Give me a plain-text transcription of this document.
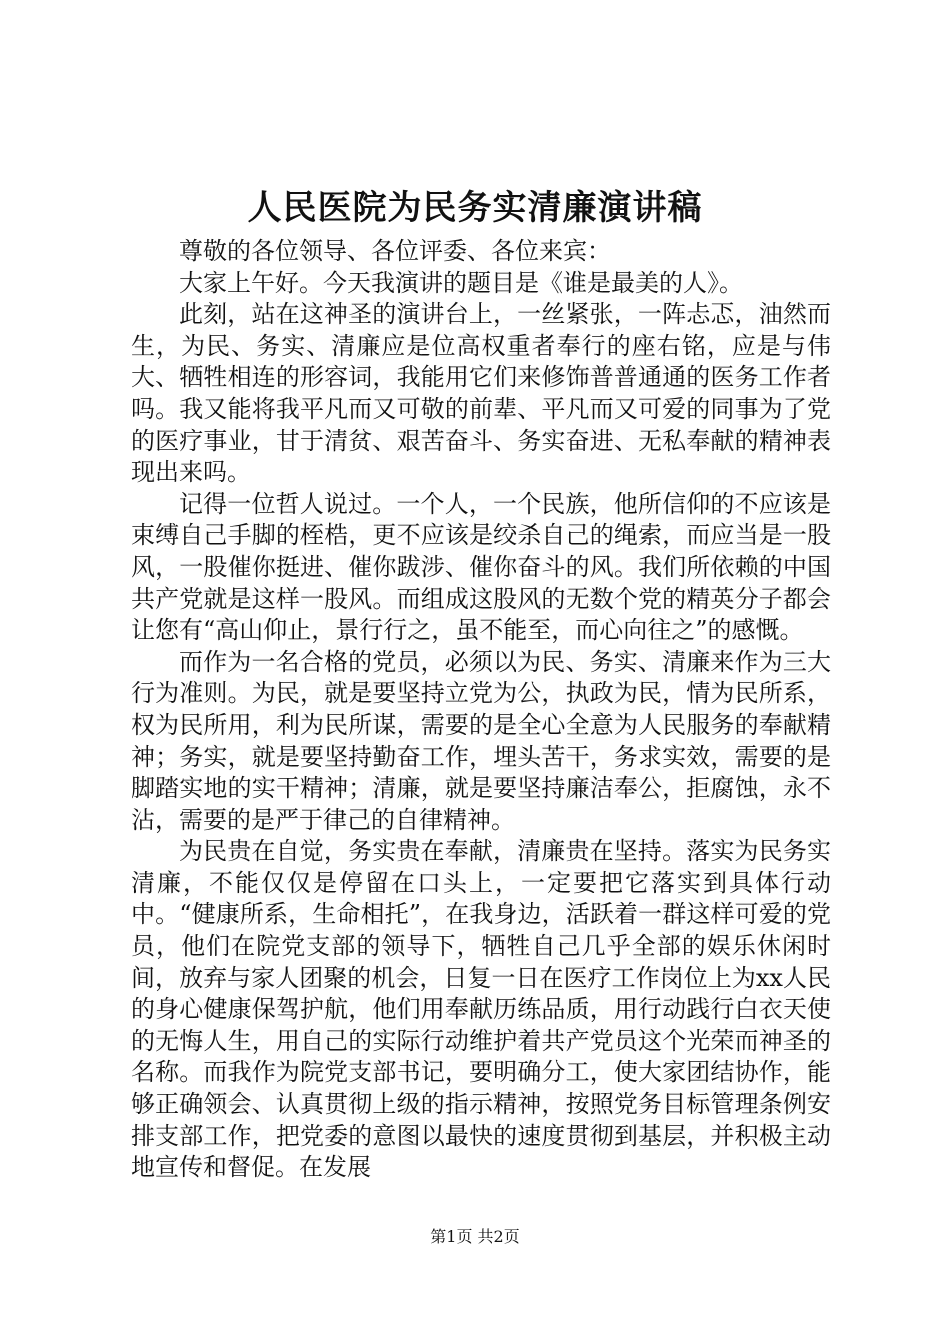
人民医院为民务实清廉演讲稿

尊敬的各位领导、各位评委、各位来宾：

大家上午好。今天我演讲的题目是《谁是最美的人》。

此刻，站在这神圣的演讲台上，一丝紧张，一阵忐忑，油然而生，为民、务实、清廉应是位高权重者奉行的座右铭，应是与伟大、牺牲相连的形容词，我能用它们来修饰普普通通的医务工作者吗。我又能将我平凡而又可敬的前辈、平凡而又可爱的同事为了党的医疗事业，甘于清贫、艰苦奋斗、务实奋进、无私奉献的精神表现出来吗。

记得一位哲人说过。一个人，一个民族，他所信仰的不应该是束缚自己手脚的桎梏，更不应该是绞杀自己的绳索，而应当是一股风，一股催你挺进、催你跋涉、催你奋斗的风。我们所依赖的中国共产党就是这样一股风。而组成这股风的无数个党的精英分子都会让您有“高山仰止，景行行之，虽不能至，而心向往之”的感慨。

而作为一名合格的党员，必须以为民、务实、清廉来作为三大行为准则。为民，就是要坚持立党为公，执政为民，情为民所系，权为民所用，利为民所谋，需要的是全心全意为人民服务的奉献精神；务实，就是要坚持勤奋工作，埋头苦干，务求实效，需要的是脚踏实地的实干精神；清廉，就是要坚持廉洁奉公，拒腐蚀，永不沾，需要的是严于律己的自律精神。

为民贵在自觉，务实贵在奉献，清廉贵在坚持。落实为民务实清廉，不能仅仅是停留在口头上，一定要把它落实到具体行动中。“健康所系，生命相托”，在我身边，活跃着一群这样可爱的党员，他们在院党支部的领导下，牺牲自己几乎全部的娱乐休闲时间，放弃与家人团聚的机会，日复一日在医疗工作岗位上为xx人民的身心健康保驾护航，他们用奉献历练品质，用行动践行白衣天使的无悔人生，用自己的实际行动维护着共产党员这个光荣而神圣的名称。而我作为院党支部书记，要明确分工，使大家团结协作，能够正确领会、认真贯彻上级的指示精神，按照党务目标管理条例安排支部工作，把党委的意图以最快的速度贯彻到基层，并积极主动地宣传和督促。在发展

第1页 共2页
